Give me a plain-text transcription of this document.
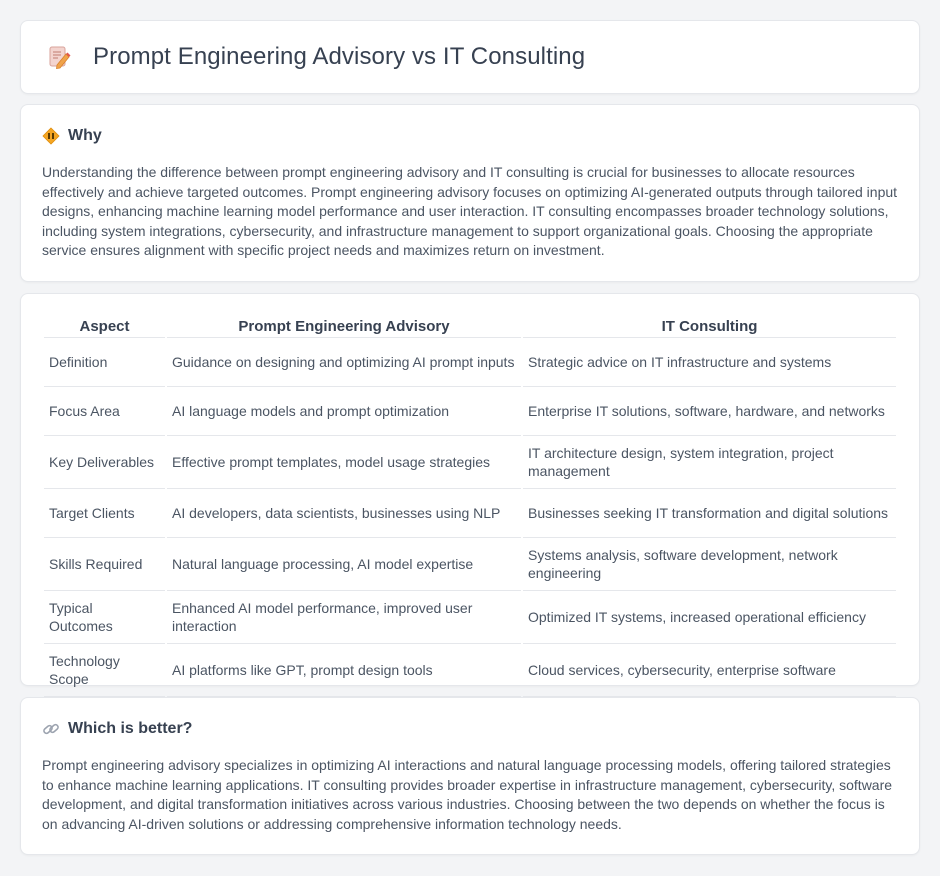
Prompt Engineering Advisory vs IT Consulting
Why

Understanding the difference between prompt engineering advisory and IT consulting is crucial for businesses to allocate resources effectively and achieve targeted outcomes. Prompt engineering advisory focuses on optimizing AI-generated outputs through tailored input designs, enhancing machine learning model performance and user interaction. IT consulting encompasses broader technology solutions, including system integrations, cybersecurity, and infrastructure management to support organizational goals. Choosing the appropriate service ensures alignment with specific project needs and maximizes return on investment.

Aspect	Prompt Engineering Advisory	IT Consulting
Definition	Guidance on designing and optimizing AI prompt inputs	Strategic advice on IT infrastructure and systems
Focus Area	AI language models and prompt optimization	Enterprise IT solutions, software, hardware, and networks
Key Deliverables	Effective prompt templates, model usage strategies	IT architecture design, system integration, project management
Target Clients	AI developers, data scientists, businesses using NLP	Businesses seeking IT transformation and digital solutions
Skills Required	Natural language processing, AI model expertise	Systems analysis, software development, network engineering
Typical Outcomes	Enhanced AI model performance, improved user interaction	Optimized IT systems, increased operational efficiency
Technology Scope	AI platforms like GPT, prompt design tools	Cloud services, cybersecurity, enterprise software
Which is better?

Prompt engineering advisory specializes in optimizing AI interactions and natural language processing models, offering tailored strategies to enhance machine learning applications. IT consulting provides broader expertise in infrastructure management, cybersecurity, software development, and digital transformation initiatives across various industries. Choosing between the two depends on whether the focus is on advancing AI-driven solutions or addressing comprehensive information technology needs.
